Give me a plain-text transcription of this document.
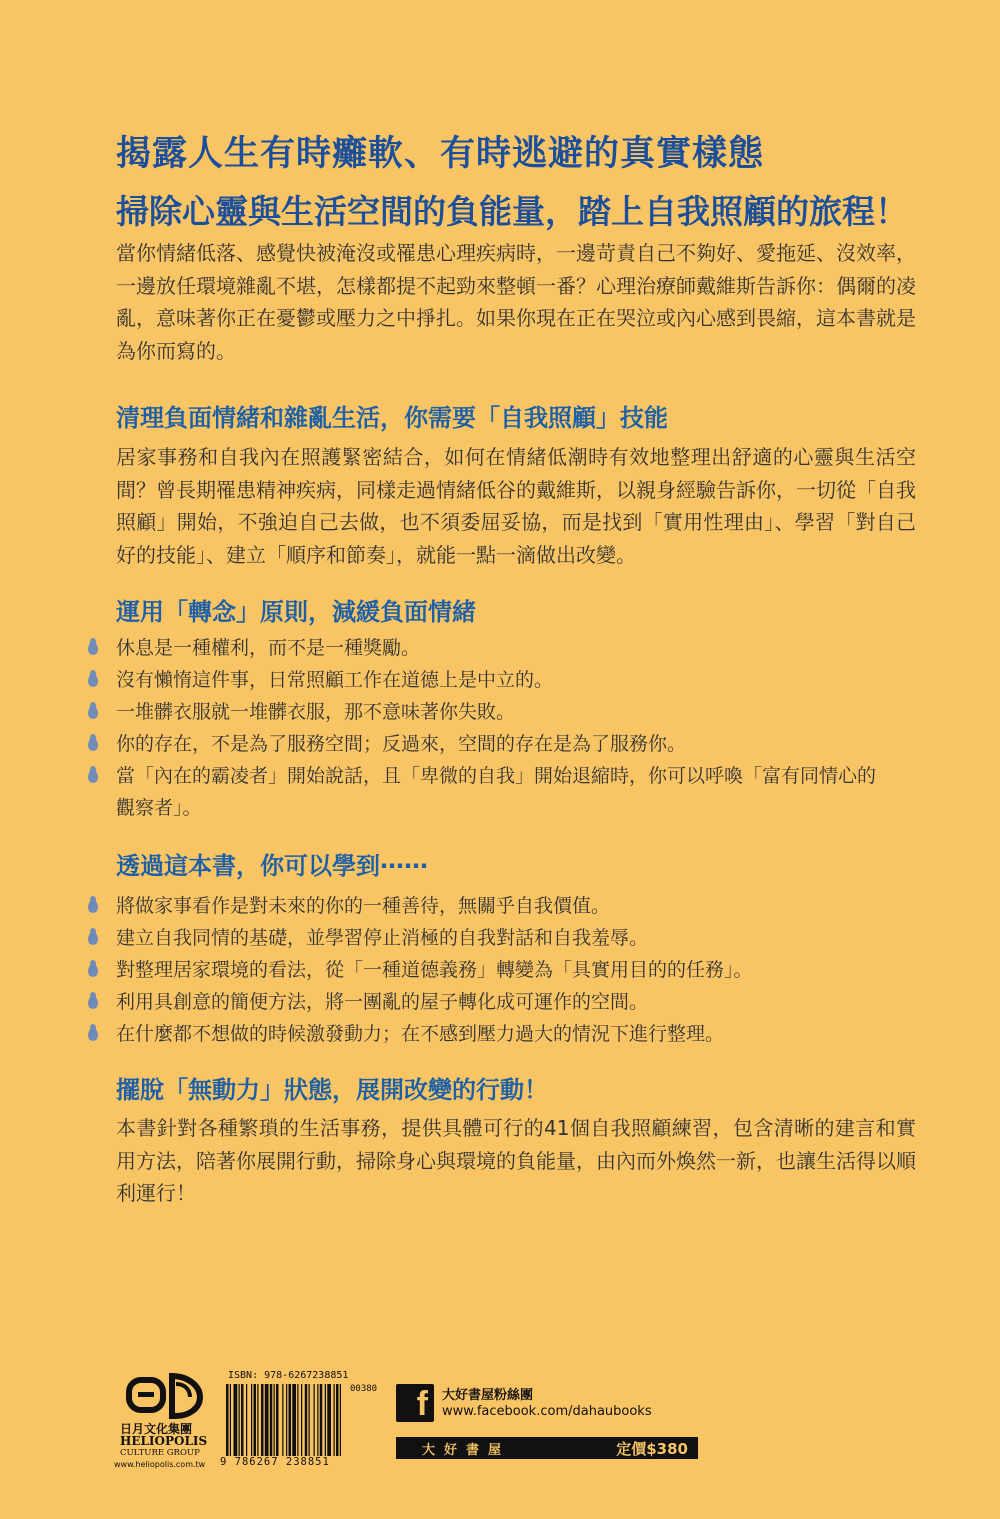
揭露人生有時癱軟、有時逃避的真實樣態
掃除心靈與生活空間的負能量，踏上自我照顧的旅程！
當你情緒低落、感覺快被淹沒或罹患心理疾病時，一邊苛責自己不夠好、愛拖延、沒效率，一邊放任環境雜亂不堪，怎樣都提不起勁來整頓一番？心理治療師戴維斯告訴你：偶爾的凌亂，意味著你正在憂鬱或壓力之中掙扎。如果你現在正在哭泣或內心感到畏縮，這本書就是為你而寫的。
清理負面情緒和雜亂生活，你需要「自我照顧」技能
居家事務和自我內在照護緊密結合，如何在情緒低潮時有效地整理出舒適的心靈與生活空間？曾長期罹患精神疾病，同樣走過情緒低谷的戴維斯，以親身經驗告訴你，一切從「自我照顧」開始，不強迫自己去做，也不須委屈妥協，而是找到「實用性理由」、學習「對自己好的技能」、建立「順序和節奏」，就能一點一滴做出改變。
運用「轉念」原則，減緩負面情緒
休息是一種權利，而不是一種獎勵。
沒有懶惰這件事，日常照顧工作在道德上是中立的。
一堆髒衣服就一堆髒衣服，那不意味著你失敗。
你的存在，不是為了服務空間；反過來，空間的存在是為了服務你。
當「內在的霸凌者」開始說話，且「卑微的自我」開始退縮時，你可以呼喚「富有同情心的觀察者」。
透過這本書，你可以學到⋯⋯
將做家事看作是對未來的你的一種善待，無關乎自我價值。
建立自我同情的基礎，並學習停止消極的自我對話和自我羞辱。
對整理居家環境的看法，從「一種道德義務」轉變為「具實用目的的任務」。
利用具創意的簡便方法，將一團亂的屋子轉化成可運作的空間。
在什麼都不想做的時候激發動力；在不感到壓力過大的情況下進行整理。
擺脫「無動力」狀態，展開改變的行動！
本書針對各種繁瑣的生活事務，提供具體可行的41個自我照顧練習，包含清晰的建言和實用方法，陪著你展開行動，掃除身心與環境的負能量，由內而外煥然一新，也讓生活得以順利運行！
日月文化集團
HELIOPOLIS
CULTURE GROUP
www.heliopolis.com.tw
ISBN: 978-6267238851
00380
9 786267 238851
f 大好書屋粉絲團
www.facebook.com/dahaubooks
大好書屋	定價$380
